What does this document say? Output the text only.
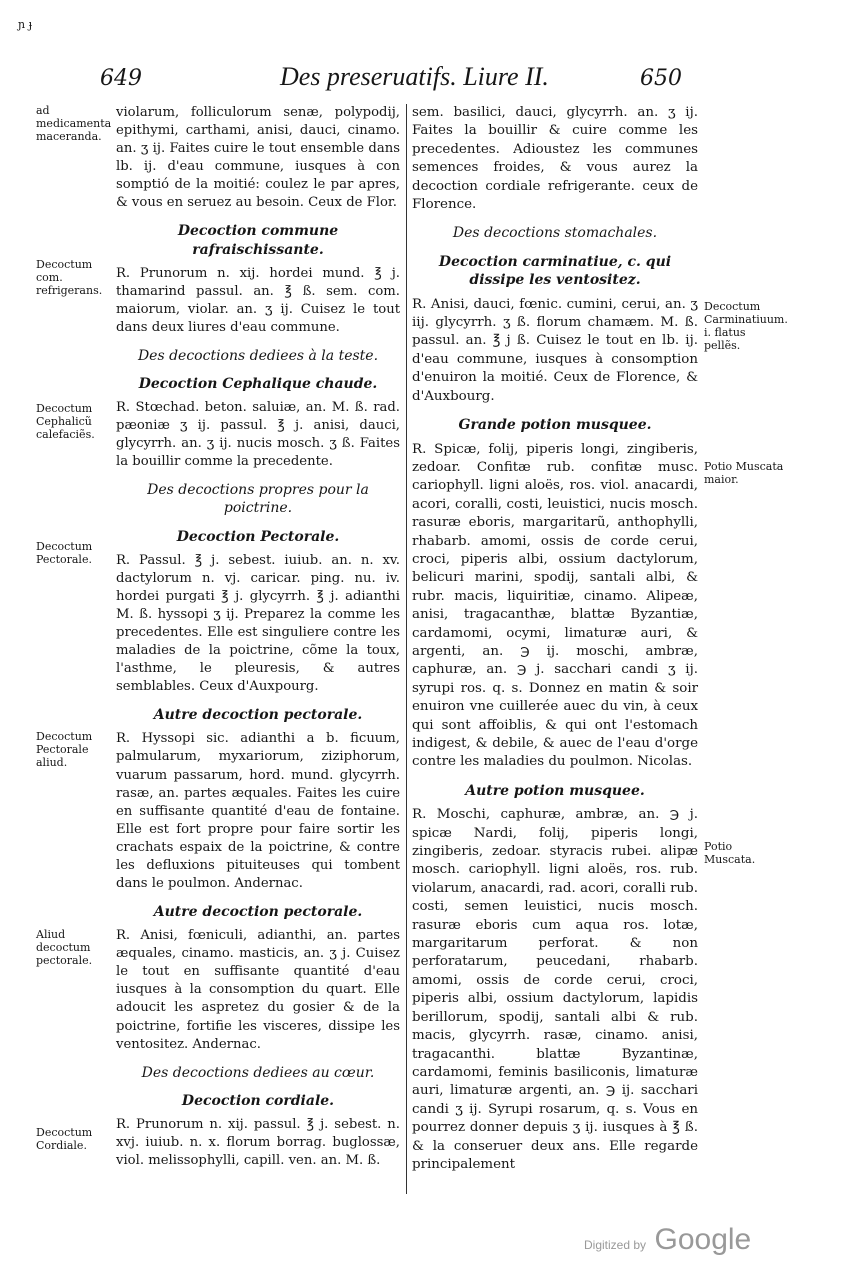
ɲ ɟ
649	Des preseruatifs. Liure II.	650

violarum, folliculorum senæ, polypodij, epithymi, carthami, anisi, dauci, cinamo. an. ʒ ij. Faites cuire le tout ensemble dans lb. ij. d'eau commune, iusques à con somptió de la moitié: coulez le par apres, & vous en seruez au besoin. Ceux de Flor.

Decoction commune rafraischissante.

R. Prunorum n. xij. hordei mund. ℥ j. thamarind passul. an. ℥ ß. sem. com. maiorum, violar. an. ʒ ij. Cuisez le tout dans deux liures d'eau commune.

Des decoctions dediees à la teste.
Decoction Cephalique chaude.

R. Stœchad. beton. saluiæ, an. M. ß. rad. pæoniæ ʒ ij. passul. ℥ j. anisi, dauci, glycyrrh. an. ʒ ij. nucis mosch. ʒ ß. Faites la bouillir comme la precedente.

Des decoctions propres pour la poictrine.
Decoction Pectorale.

R. Passul. ℥ j. sebest. iuiub. an. n. xv. dactylorum n. vj. caricar. ping. nu. iv. hordei purgati ℥ j. glycyrrh. ℥ j. adianthi M. ß. hyssopi ʒ ij. Preparez la comme les precedentes. Elle est singuliere contre les maladies de la poictrine, cõme la toux, l'asthme, le pleuresis, & autres semblables. Ceux d'Auxpourg.

Autre decoction pectorale.

R. Hyssopi sic. adianthi a b. ficuum, palmularum, myxariorum, ziziphorum, vuarum passarum, hord. mund. glycyrrh. rasæ, an. partes æquales. Faites les cuire en suffisante quantité d'eau de fontaine. Elle est fort propre pour faire sortir les crachats espaix de la poictrine, & contre les defluxions pituiteuses qui tombent dans le poulmon. Andernac.

Autre decoction pectorale.

R. Anisi, fœniculi, adianthi, an. partes æquales, cinamo. masticis, an. ʒ j. Cuisez le tout en suffisante quantité d'eau iusques à la consomption du quart. Elle adoucit les aspretez du gosier & de la poictrine, fortifie les visceres, dissipe les ventositez. Andernac.

Des decoctions dediees au cœur.
Decoction cordiale.

R. Prunorum n. xij. passul. ℥ j. sebest. n. xvj. iuiub. n. x. florum borrag. buglossæ, viol. melissophylli, capill. ven. an. M. ß.

sem. basilici, dauci, glycyrrh. an. ʒ ij. Faites la bouillir & cuire comme les precedentes. Adioustez les communes semences froides, & vous aurez la decoction cordiale refrigerante. ceux de Florence.

Des decoctions stomachales.
Decoction carminatiue, c. qui dissipe les ventositez.

R. Anisi, dauci, fœnic. cumini, cerui, an. ʒ iij. glycyrrh. ʒ ß. florum chamæm. M. ß. passul. an. ℥ j ß. Cuisez le tout en lb. ij. d'eau commune, iusques à consomption d'enuiron la moitié. Ceux de Florence, & d'Auxbourg.

Grande potion musquee.

R. Spicæ, folij, piperis longi, zingiberis, zedoar. Confitæ rub. confitæ musc. cariophyll. ligni aloës, ros. viol. anacardi, acori, coralli, costi, leuistici, nucis mosch. rasuræ eboris, margaritarũ, anthophylli, rhabarb. amomi, ossis de corde cerui, croci, piperis albi, ossium dactylorum, belicuri marini, spodij, santali albi, & rubr. macis, liquiritiæ, cinamo. Alipeæ, anisi, tragacanthæ, blattæ Byzantiæ, cardamomi, ocymi, limaturæ auri, & argenti, an. ℈ ij. moschi, ambræ, caphuræ, an. ℈ j. sacchari candi ʒ ij. syrupi ros. q. s. Donnez en matin & soir enuiron vne cuillerée auec du vin, à ceux qui sont affoiblis, & qui ont l'estomach indigest, & debile, & auec de l'eau d'orge contre les maladies du poulmon. Nicolas.

Autre potion musquee.

R. Moschi, caphuræ, ambræ, an. ℈ j. spicæ Nardi, folij, piperis longi, zingiberis, zedoar. styracis rubei. alipæ mosch. cariophyll. ligni aloës, ros. rub. violarum, anacardi, rad. acori, coralli rub. costi, semen leuistici, nucis mosch. rasuræ eboris cum aqua ros. lotæ, margaritarum perforat. & non perforatarum, peucedani, rhabarb. amomi, ossis de corde cerui, croci, piperis albi, ossium dactylorum, lapidis berillorum, spodij, santali albi & rub. macis, glycyrrh. rasæ, cinamo. anisi, tragacanthi. blattæ Byzantinæ, cardamomi, feminis basiliconis, limaturæ auri, limaturæ argenti, an. ℈ ij. sacchari candi ʒ ij. Syrupi rosarum, q. s. Vous en pourrez donner depuis ʒ ij. iusques à ℥ ß. & la conseruer deux ans. Elle regarde principalement

ad medicamenta macerandа.
Decoctum com. refrigerans.
Decoctum Cephalicũ calefaciẽs.
Decoctum Pectorale.
Decoctum Pectorale aliud.
Aliud decoctum pectorale.
Decoctum Cordiale.
Decoctum Carminatiuum. i. flatus pellẽs.
Potio Muscata maior.
Potio Muscata.
Digitized by Google
